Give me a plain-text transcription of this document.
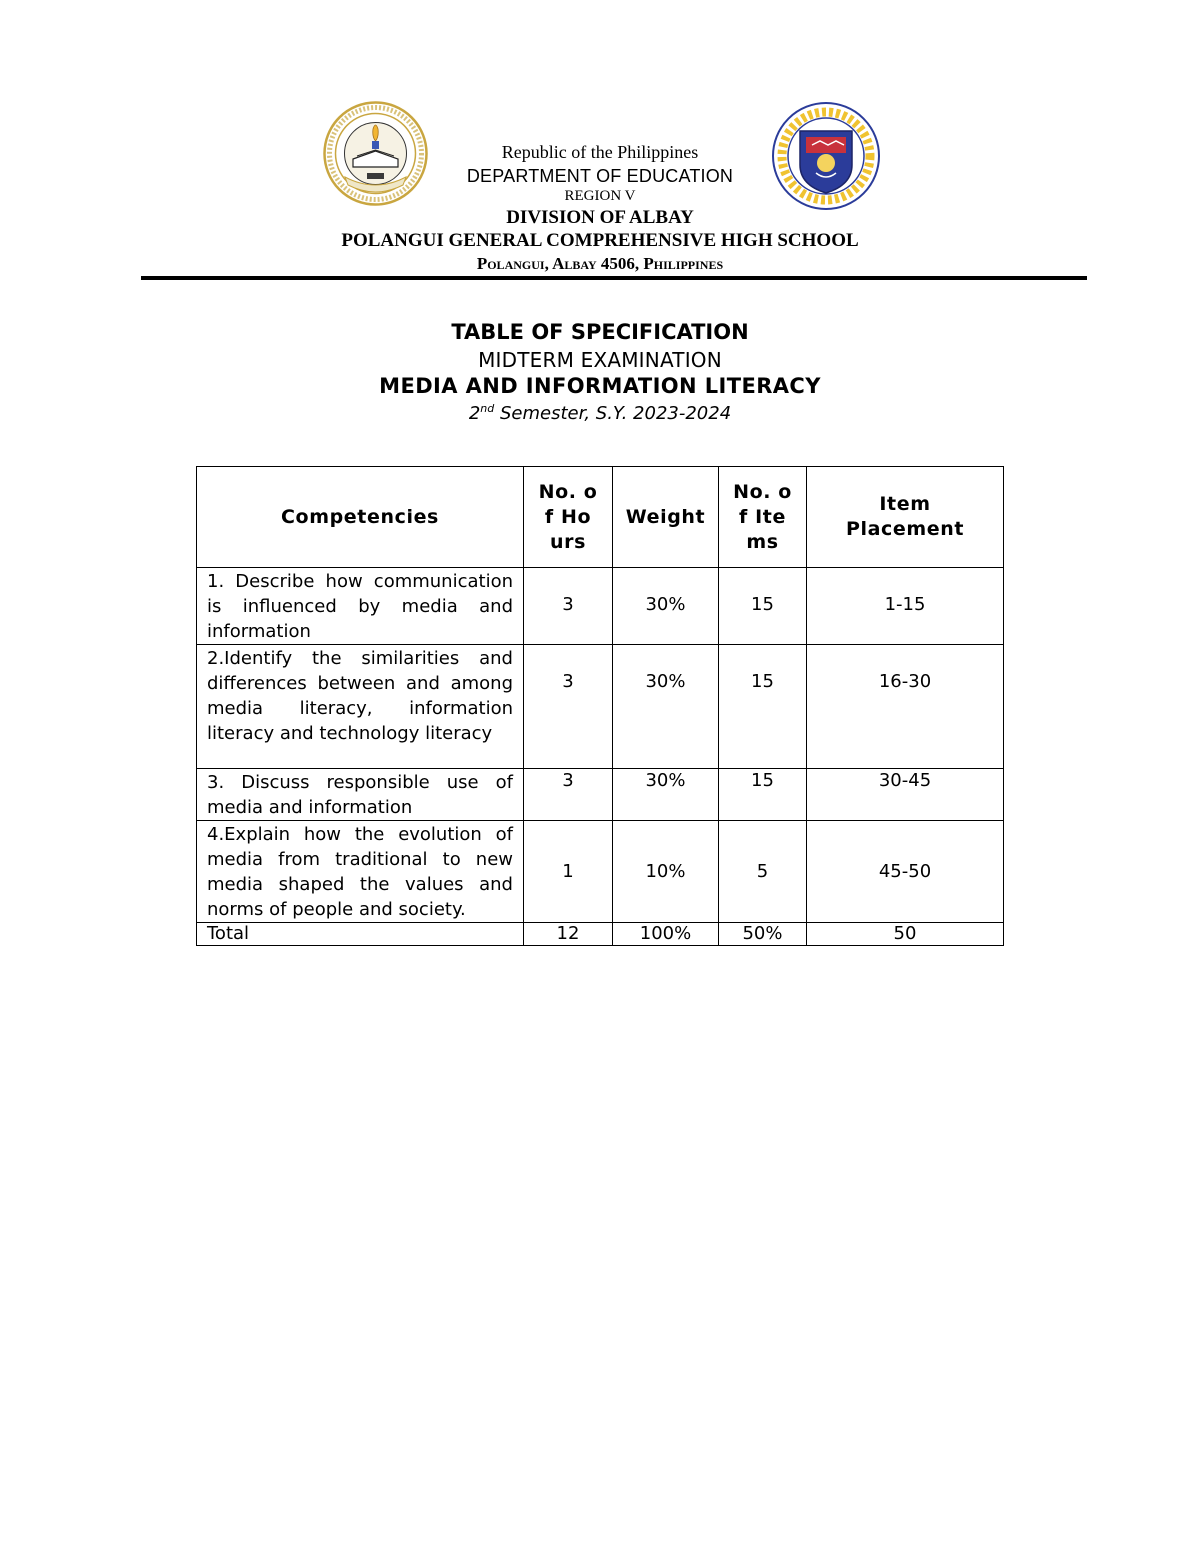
Republic of the Philippines
DEPARTMENT OF EDUCATION
REGION V
DIVISION OF ALBAY
POLANGUI GENERAL COMPREHENSIVE HIGH SCHOOL
Polangui, Albay 4506, Philippines
TABLE OF SPECIFICATION
MIDTERM EXAMINATION
MEDIA AND INFORMATION LITERACY
2nd Semester, S.Y. 2023-2024
Competencies	No. of Hours	Weight	No. of Items	Item Placement

1. Describe how communication is influenced by media and information	3	30%	15	1-15
2.Identify the similarities and differences between and among media literacy, information literacy and technology literacy	3	30%	15	16-30
3. Discuss responsible use of media and information	3	30%	15	30-45
4.Explain how the evolution of media from traditional to new media shaped the values and norms of people and society.	1	10%	5	45-50
Total	12	100%	50%	50
